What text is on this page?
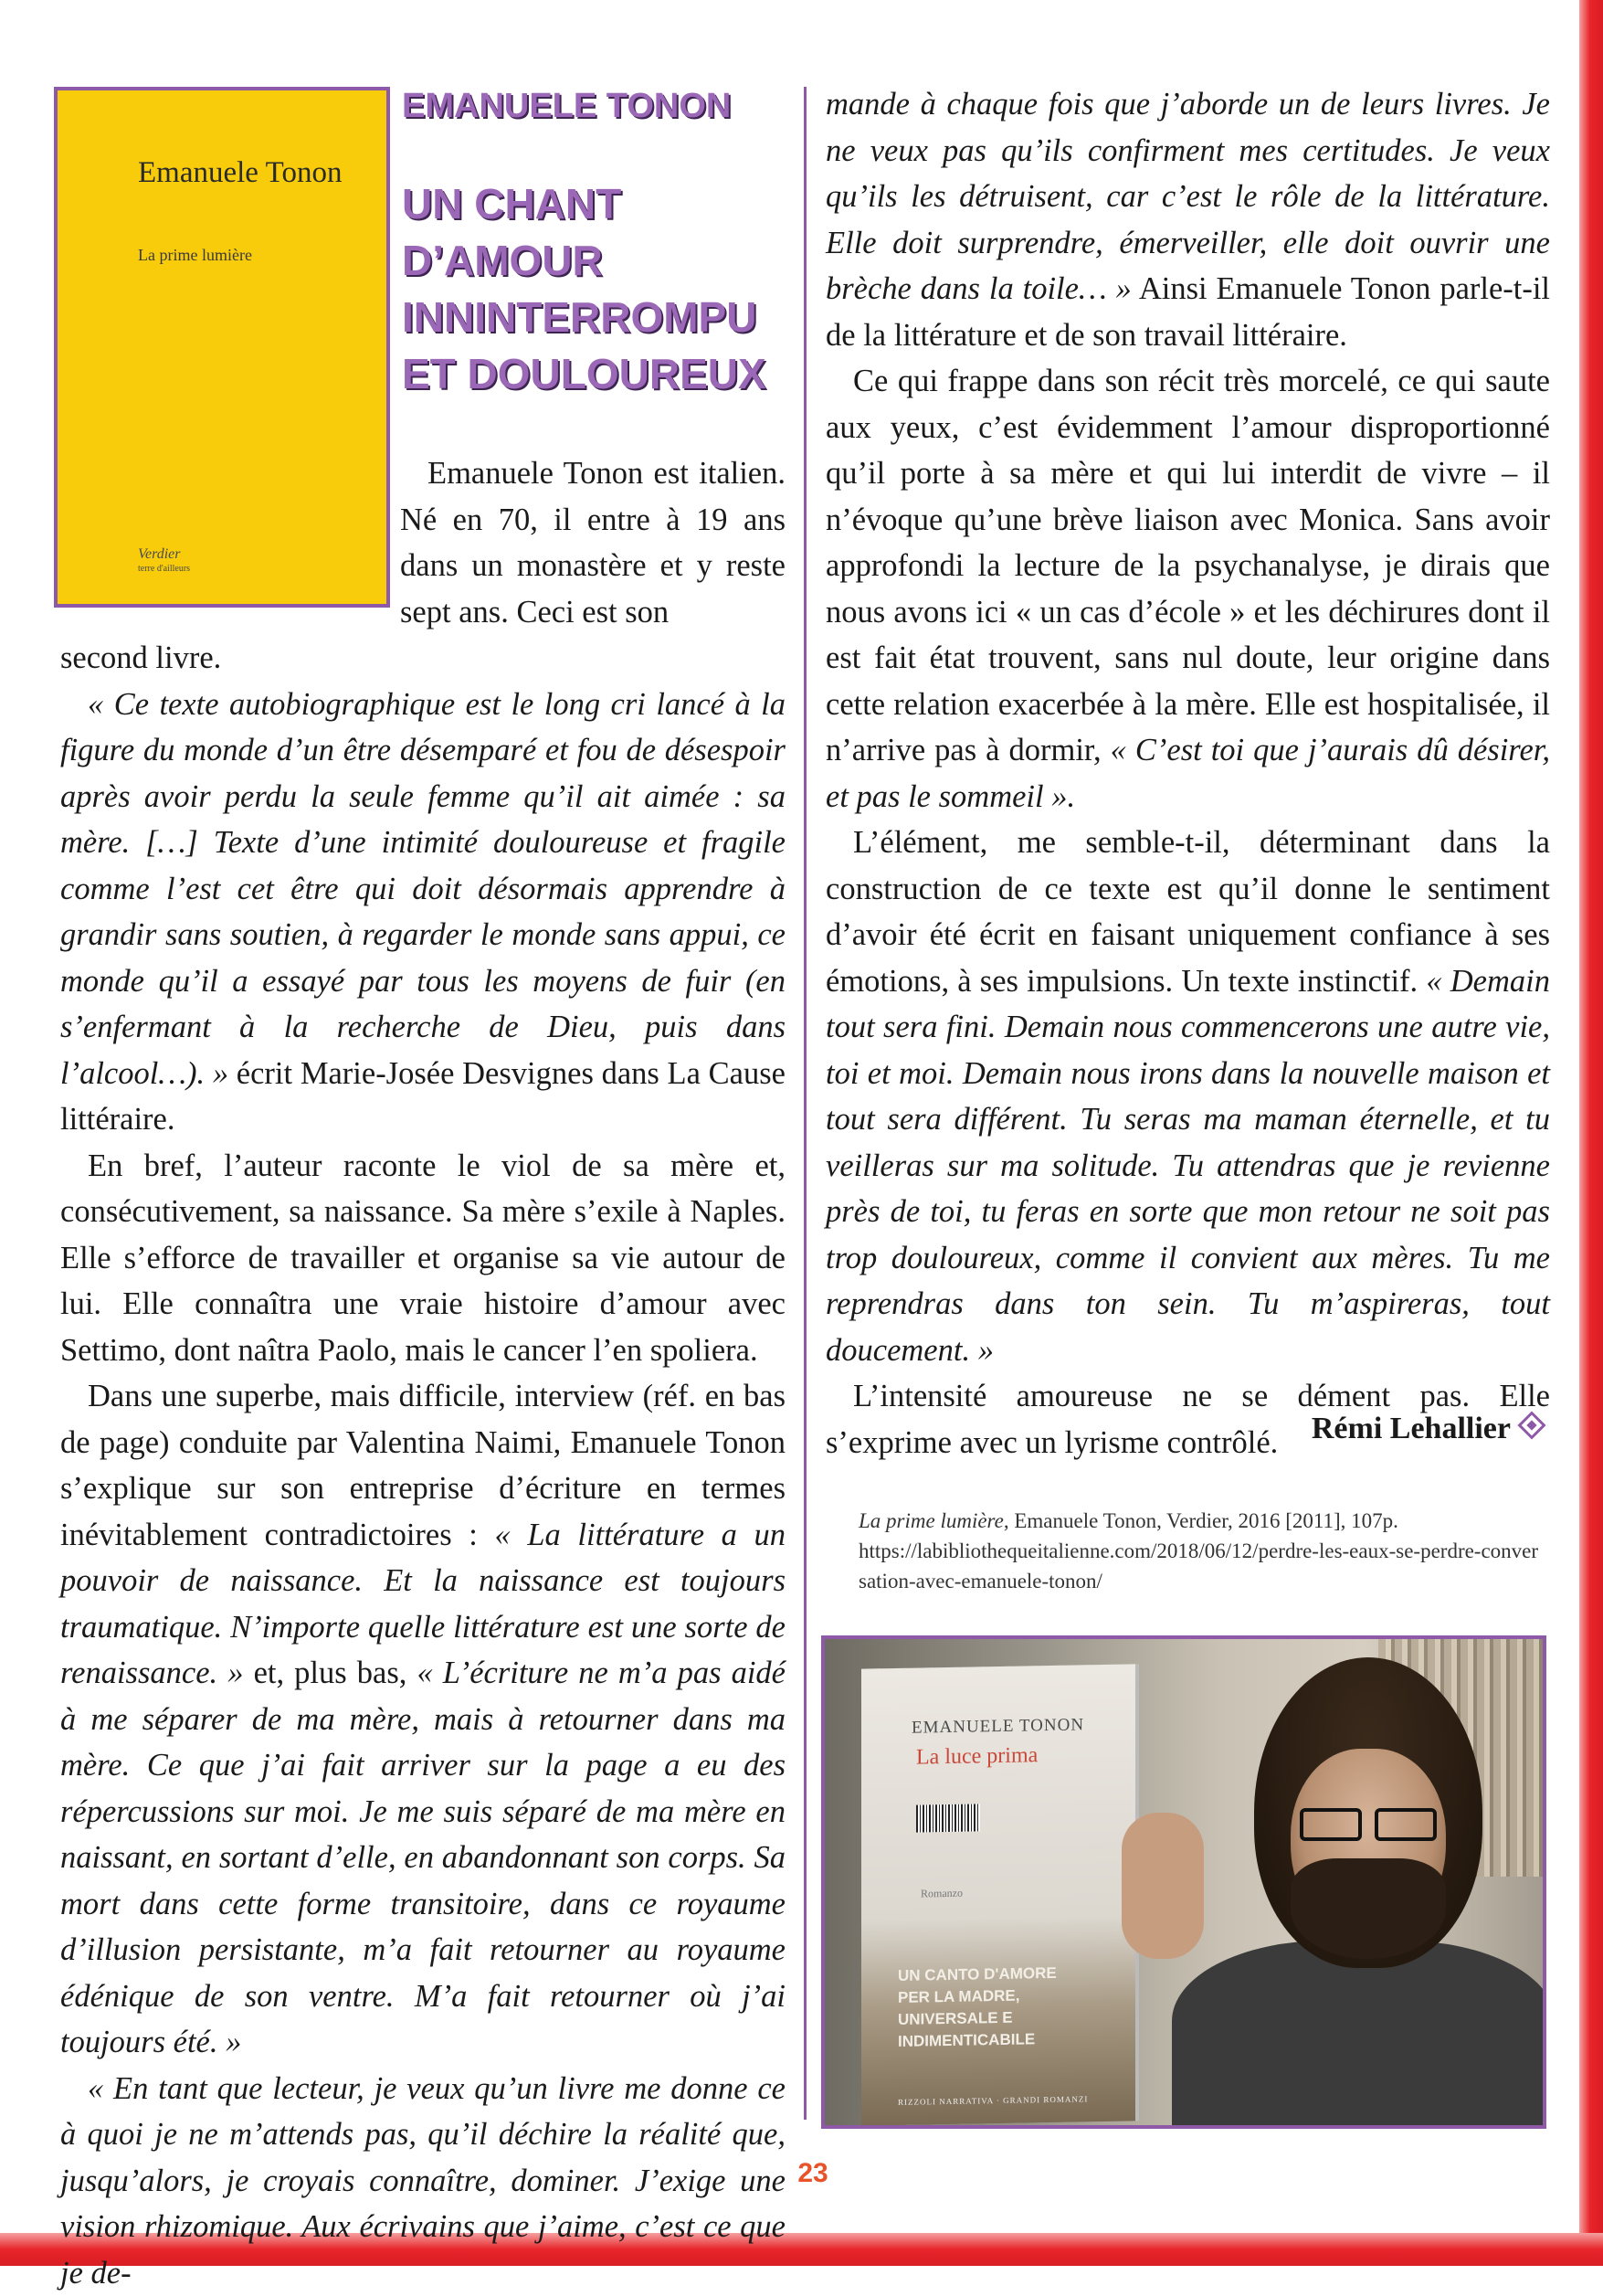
Emanuele Tonon
La prime lumière
Verdier
terre d'ailleurs
EMANUELE TONON
UN CHANT D’AMOUR INNINTERROMPU ET DOULOUREUX

Emanuele Tonon est italien. Né en 70, il entre à 19 ans dans un monastère et y reste sept ans. Ceci est son

second livre.

« Ce texte autobiographique est le long cri lancé à la figure du monde d’un être désemparé et fou de désespoir après avoir perdu la seule femme qu’il ait aimée : sa mère. […] Texte d’une intimité douloureuse et fragile comme l’est cet être qui doit désormais apprendre à grandir sans soutien, à regarder le monde sans appui, ce monde qu’il a essayé par tous les moyens de fuir (en s’enfermant à la recherche de Dieu, puis dans l’alcool…). » écrit Marie-Josée Desvignes dans La Cause littéraire.

En bref, l’auteur raconte le viol de sa mère et, consécutivement, sa naissance. Sa mère s’exile à Naples. Elle s’efforce de travailler et organise sa vie autour de lui. Elle connaîtra une vraie histoire d’amour avec Settimo, dont naîtra Paolo, mais le cancer l’en spoliera.

Dans une superbe, mais difficile, interview (réf. en bas de page) conduite par Valentina Naimi, Emanuele Tonon s’explique sur son entreprise d’écriture en termes inévitablement contradictoires : « La littérature a un pouvoir de naissance. Et la naissance est toujours traumatique. N’importe quelle littérature est une sorte de renaissance. » et, plus bas, « L’écriture ne m’a pas aidé à me séparer de ma mère, mais à retourner dans ma mère. Ce que j’ai fait arriver sur la page a eu des répercussions sur moi. Je me suis séparé de ma mère en naissant, en sortant d’elle, en abandonnant son corps. Sa mort dans cette forme transitoire, dans ce royaume d’illusion persistante, m’a fait retourner au royaume édénique de son ventre. M’a fait retourner où j’ai toujours été. »

« En tant que lecteur, je veux qu’un livre me donne ce à quoi je ne m’attends pas, qu’il déchire la réalité que, jusqu’alors, je croyais connaître, dominer. J’exige une vision rhizomique. Aux écrivains que j’aime, c’est ce que je de-

mande à chaque fois que j’aborde un de leurs livres. Je ne veux pas qu’ils confirment mes certitudes. Je veux qu’ils les détruisent, car c’est le rôle de la littérature. Elle doit surprendre, émerveiller, elle doit ouvrir une brèche dans la toile… » Ainsi Emanuele Tonon parle-t-il de la littérature et de son travail littéraire.

Ce qui frappe dans son récit très morcelé, ce qui saute aux yeux, c’est évidemment l’amour disproportionné qu’il porte à sa mère et qui lui interdit de vivre – il n’évoque qu’une brève liaison avec Monica. Sans avoir approfondi la lecture de la psychanalyse, je dirais que nous avons ici « un cas d’école » et les déchirures dont il est fait état trouvent, sans nul doute, leur origine dans cette relation exacerbée à la mère. Elle est hospitalisée, il n’arrive pas à dormir, « C’est toi que j’aurais dû désirer, et pas le sommeil ».

L’élément, me semble-t-il, déterminant dans la construction de ce texte est qu’il donne le sentiment d’avoir été écrit en faisant uniquement confiance à ses émotions, à ses impulsions. Un texte instinctif. « Demain tout sera fini. Demain nous commencerons une autre vie, toi et moi. Demain nous irons dans la nouvelle maison et tout sera différent. Tu seras ma maman éternelle, et tu veilleras sur ma solitude. Tu attendras que je revienne près de toi, tu feras en sorte que mon retour ne soit pas trop douloureux, comme il convient aux mères. Tu me reprendras dans ton sein. Tu m’aspireras, tout doucement. »

L’intensité amoureuse ne se dément pas. Elle s’exprime avec un lyrisme contrôlé.	Rémi Lehallier
La prime lumière, Emanuele Tonon, Verdier, 2016 [2011], 107p.
https://labibliothequeitalienne.com/2018/06/12/perdre-les-eaux-se-perdre-conversation-avec-emanuele-tonon/
EMANUELE TONON
La luce prima
Romanzo
UN CANTO D'AMORE PER LA MADRE, UNIVERSALE E INDIMENTICABILE
RIZZOLI NARRATIVA · GRANDI ROMANZI
23
